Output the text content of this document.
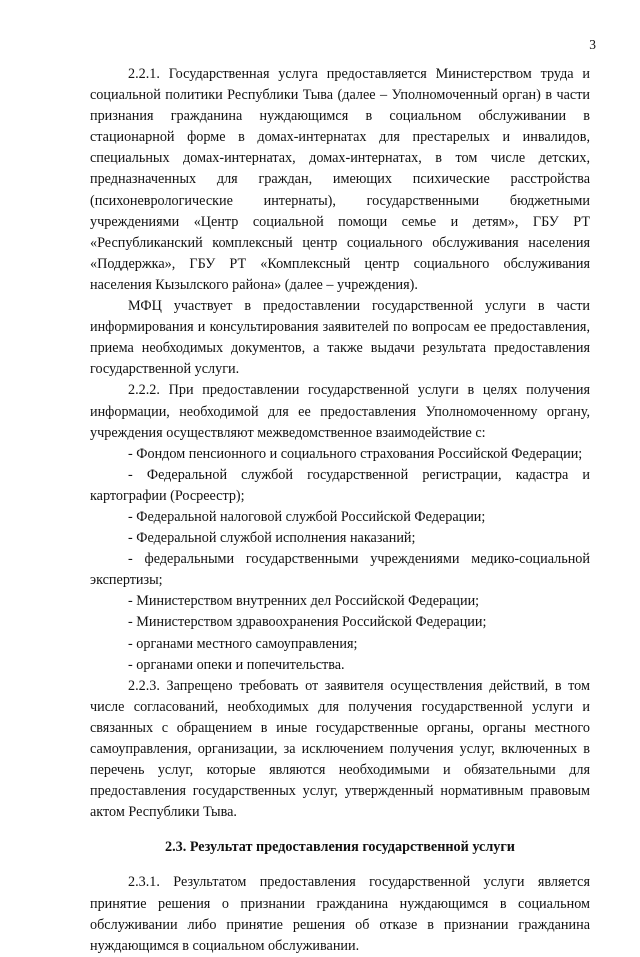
3

2.2.1. Государственная услуга предоставляется Министерством труда и социальной политики Республики Тыва (далее – Уполномоченный орган) в части признания гражданина нуждающимся в социальном обслуживании в стационарной форме в домах-интернатах для престарелых и инвалидов, специальных домах-интернатах, домах-интернатах, в том числе детских, предназначенных для граждан, имеющих психические расстройства (психоневрологические интернаты), государственными бюджетными учреждениями «Центр социальной помощи семье и детям», ГБУ РТ «Республиканский комплексный центр социального обслуживания населения «Поддержка», ГБУ РТ «Комплексный центр социального обслуживания населения Кызылского района» (далее – учреждения).

МФЦ участвует в предоставлении государственной услуги в части информирования и консультирования заявителей по вопросам ее предоставления, приема необходимых документов, а также выдачи результата предоставления государственной услуги.

2.2.2. При предоставлении государственной услуги в целях получения информации, необходимой для ее предоставления Уполномоченному органу, учреждения осуществляют межведомственное взаимодействие с:

- Фондом пенсионного и социального страхования Российской Федерации;

- Федеральной службой государственной регистрации, кадастра и картографии (Росреестр);

- Федеральной налоговой службой Российской Федерации;

- Федеральной службой исполнения наказаний;

- федеральными государственными учреждениями медико-социальной экспертизы;

- Министерством внутренних дел Российской Федерации;

- Министерством здравоохранения Российской Федерации;

- органами местного самоуправления;

- органами опеки и попечительства.

2.2.3. Запрещено требовать от заявителя осуществления действий, в том числе согласований, необходимых для получения государственной услуги и связанных с обращением в иные государственные органы, органы местного самоуправления, организации, за исключением получения услуг, включенных в перечень услуг, которые являются необходимыми и обязательными для предоставления государственных услуг, утвержденный нормативным правовым актом Республики Тыва.

2.3. Результат предоставления государственной услуги

2.3.1. Результатом предоставления государственной услуги является принятие решения о признании гражданина нуждающимся в социальном обслуживании либо принятие решения об отказе в признании гражданина нуждающимся в социальном обслуживании.
